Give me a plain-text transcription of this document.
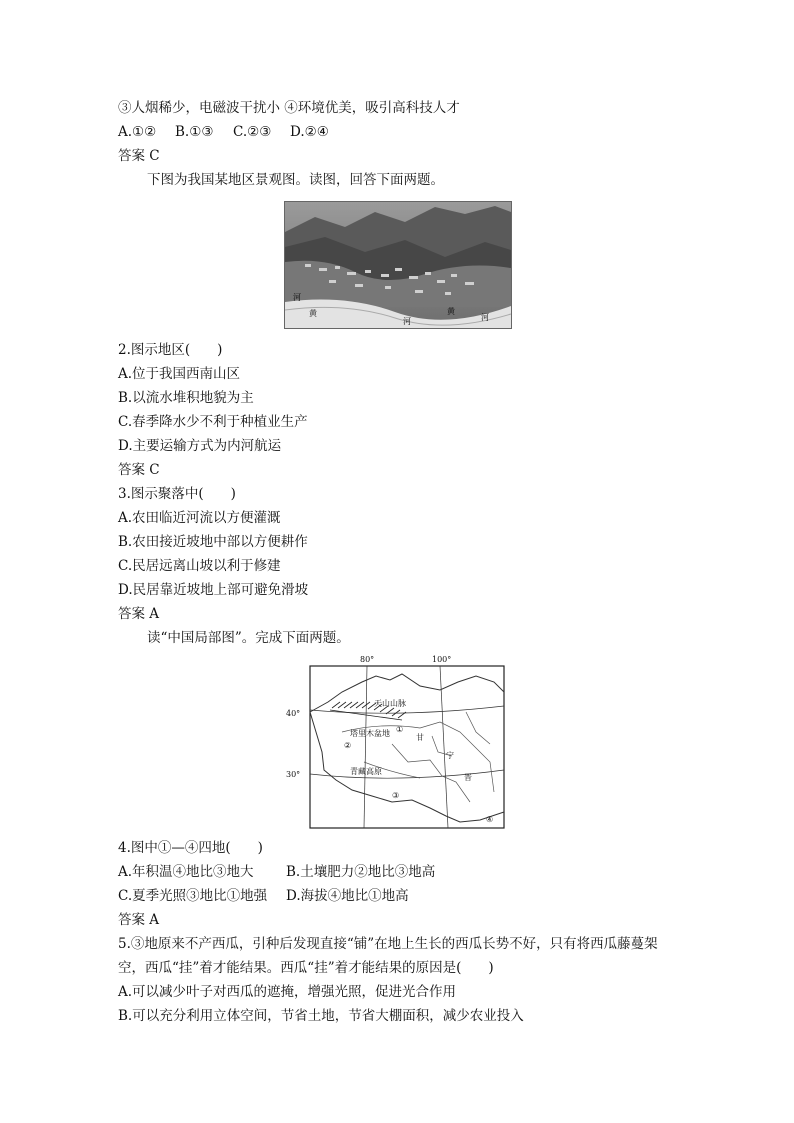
③人烟稀少，电磁波干扰小 ④环境优美，吸引高科技人才
A.①② B.①③ C.②③ D.②④
答案 C
下图为我国某地区景观图。读图，回答下面两题。
河
黄
河
黄
河
2.图示地区(　　)
A.位于我国西南山区
B.以流水堆积地貌为主
C.春季降水少不利于种植业生产
D.主要运输方式为内河航运
答案 C
3.图示聚落中(　　)
A.农田临近河流以方便灌溉
B.农田接近坡地中部以方便耕作
C.民居远离山坡以利于修建
D.民居靠近坡地上部可避免滑坡
答案 A
读“中国局部图”。完成下面两题。
80°	100°
40°
30°
天山山脉
塔里木盆地
青藏高原
甘
宁
晋
①
②
③
④
4.图中①—④四地(　　)
A.年积温④地比③地大 B.土壤肥力②地比③地高
C.夏季光照③地比①地强 D.海拔④地比①地高
答案 A
5.③地原来不产西瓜，引种后发现直接“铺”在地上生长的西瓜长势不好，只有将西瓜藤蔓架
空，西瓜“挂”着才能结果。西瓜“挂”着才能结果的原因是(　　)
A.可以减少叶子对西瓜的遮掩，增强光照，促进光合作用
B.可以充分利用立体空间，节省土地，节省大棚面积，减少农业投入
